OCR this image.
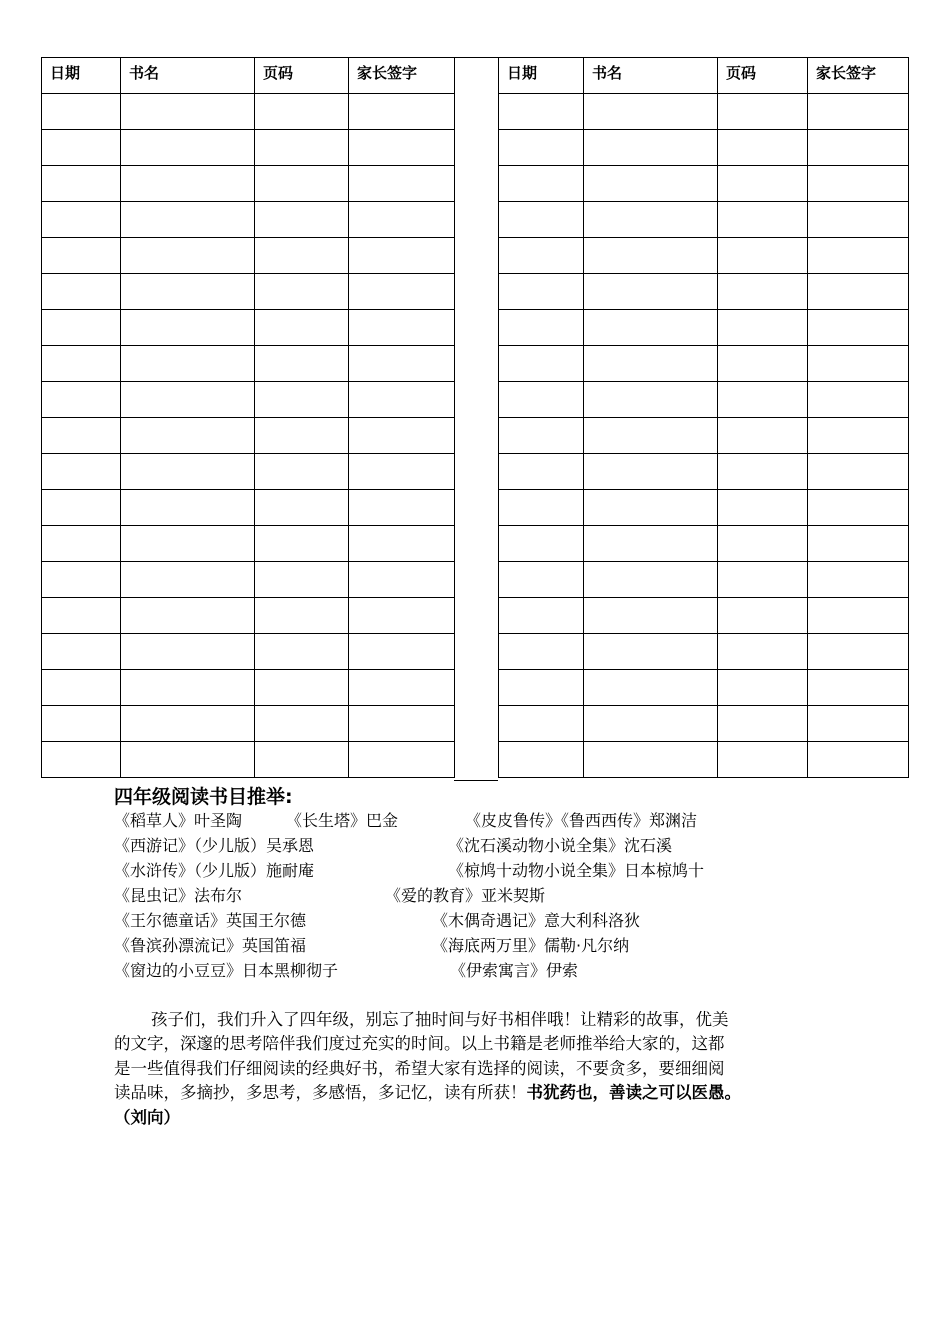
日期	书名	页码	家长签字

				日期	书名	页码	家长签字

四年级阅读书目推举:
《稻草人》叶圣陶	《长生塔》巴金	《皮皮鲁传》《鲁西西传》郑渊洁
《西游记》（少儿版）吴承恩	《沈石溪动物小说全集》沈石溪
《水浒传》（少儿版）施耐庵	《椋鸠十动物小说全集》日本椋鸠十
《昆虫记》法布尔	《爱的教育》亚米契斯
《王尔德童话》英国王尔德	《木偶奇遇记》意大利科洛狄
《鲁滨孙漂流记》英国笛福	《海底两万里》儒勒·凡尔纳
《窗边的小豆豆》日本黑柳彻子	《伊索寓言》伊索
孩子们，我们升入了四年级，别忘了抽时间与好书相伴哦！让精彩的故事，优美
的文字，深邃的思考陪伴我们度过充实的时间。以上书籍是老师推举给大家的，这都
是一些值得我们仔细阅读的经典好书，希望大家有选择的阅读，不要贪多，要细细阅
读品味，多摘抄，多思考，多感悟，多记忆，读有所获！书犹药也，善读之可以医愚。
（刘向）
